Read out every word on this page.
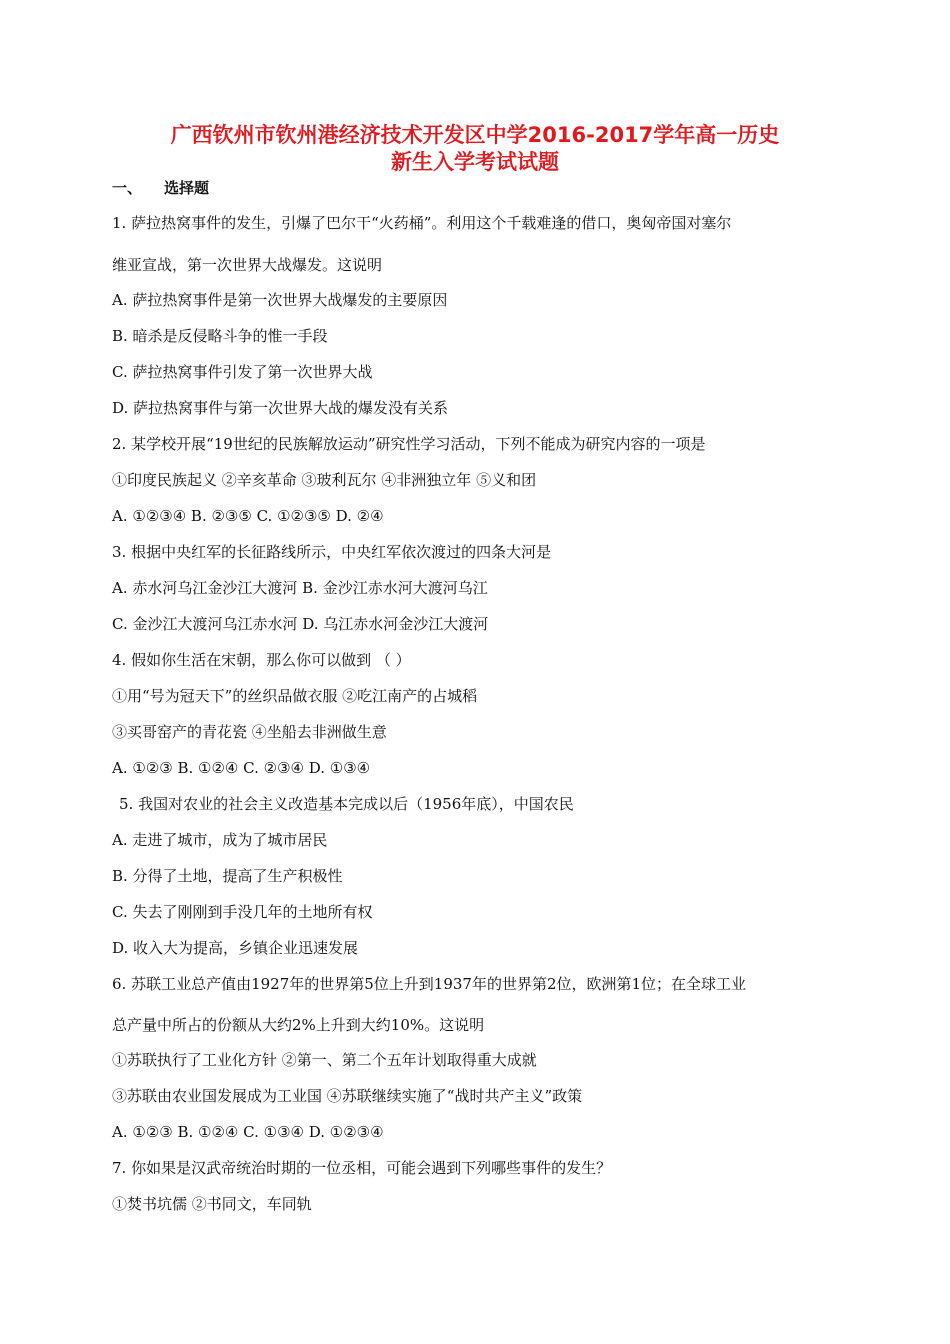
广西钦州市钦州港经济技术开发区中学2016-2017学年高一历史
新生入学考试试题
一、 选择题
1. 萨拉热窝事件的发生，引爆了巴尔干“火药桶”。利用这个千载难逢的借口，奥匈帝国对塞尔
维亚宣战，第一次世界大战爆发。这说明
A. 萨拉热窝事件是第一次世界大战爆发的主要原因
B. 暗杀是反侵略斗争的惟一手段
C. 萨拉热窝事件引发了第一次世界大战
D. 萨拉热窝事件与第一次世界大战的爆发没有关系
2. 某学校开展“19世纪的民族解放运动”研究性学习活动，下列不能成为研究内容的一项是
①印度民族起义 ②辛亥革命 ③玻利瓦尔 ④非洲独立年 ⑤义和团
A. ①②③④ B. ②③⑤ C. ①②③⑤ D. ②④
3. 根据中央红军的长征路线所示，中央红军依次渡过的四条大河是
A. 赤水河乌江金沙江大渡河 B. 金沙江赤水河大渡河乌江
C. 金沙江大渡河乌江赤水河 D. 乌江赤水河金沙江大渡河
4. 假如你生活在宋朝，那么你可以做到 （ ）
①用“号为冠天下”的丝织品做衣服 ②吃江南产的占城稻
③买哥窑产的青花瓷 ④坐船去非洲做生意
A. ①②③ B. ①②④ C. ②③④ D. ①③④
5. 我国对农业的社会主义改造基本完成以后（1956年底），中国农民
A. 走进了城市，成为了城市居民
B. 分得了土地，提高了生产积极性
C. 失去了刚刚到手没几年的土地所有权
D. 收入大为提高，乡镇企业迅速发展
6. 苏联工业总产值由1927年的世界第5位上升到1937年的世界第2位，欧洲第1位；在全球工业
总产量中所占的份额从大约2%上升到大约10%。这说明
①苏联执行了工业化方针 ②第一、第二个五年计划取得重大成就
③苏联由农业国发展成为工业国 ④苏联继续实施了“战时共产主义”政策
A. ①②③ B. ①②④ C. ①③④ D. ①②③④
7. 你如果是汉武帝统治时期的一位丞相，可能会遇到下列哪些事件的发生？
①焚书坑儒 ②书同文，车同轨
